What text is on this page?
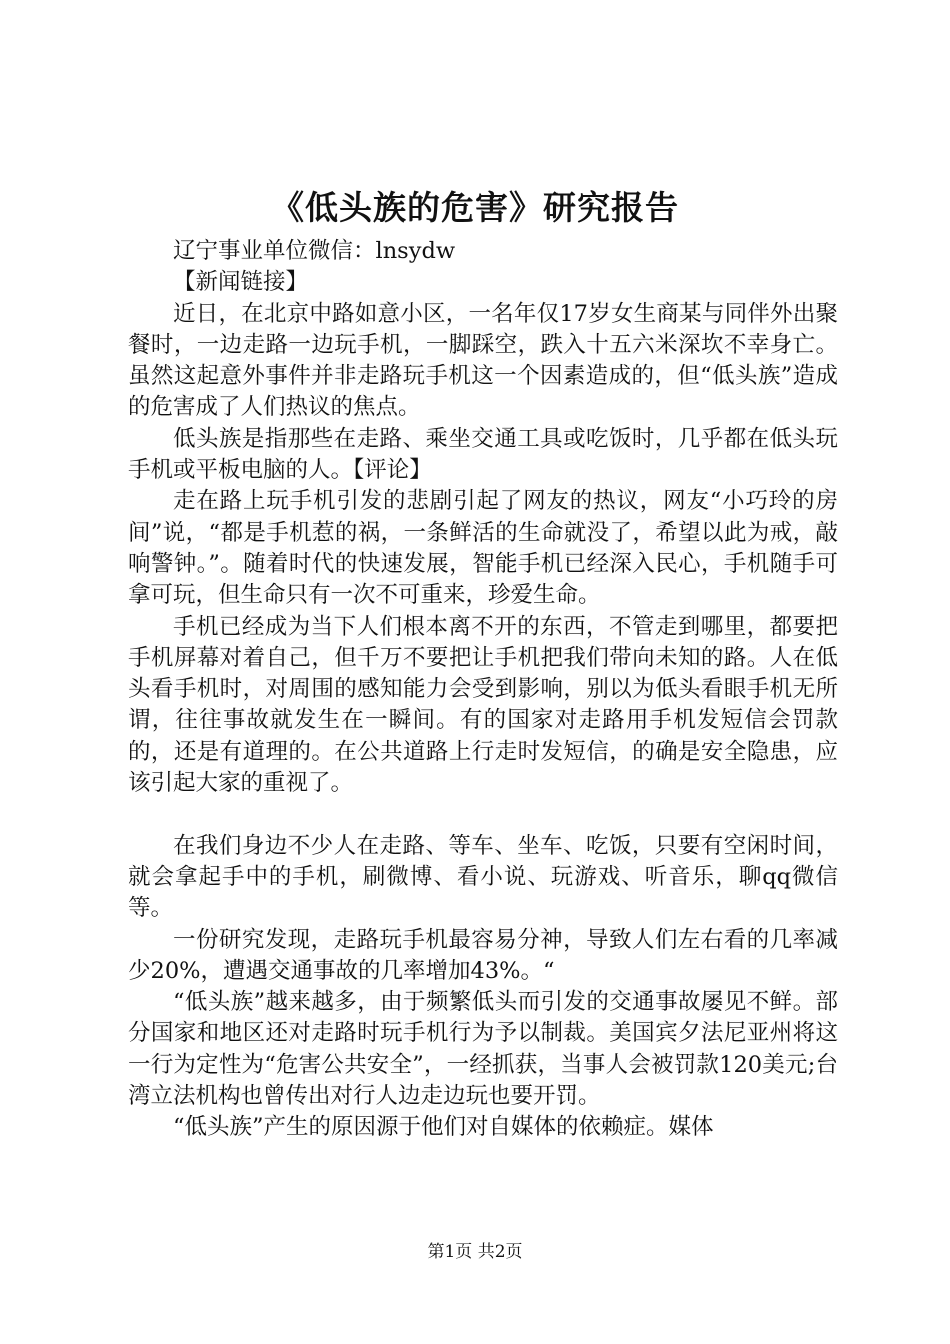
《低头族的危害》研究报告

辽宁事业单位微信：lnsydw

【新闻链接】

近日，在北京中路如意小区，一名年仅17岁女生商某与同伴外出聚餐时，一边走路一边玩手机，一脚踩空，跌入十五六米深坎不幸身亡。虽然这起意外事件并非走路玩手机这一个因素造成的，但“低头族”造成的危害成了人们热议的焦点。

低头族是指那些在走路、乘坐交通工具或吃饭时，几乎都在低头玩手机或平板电脑的人。【评论】

走在路上玩手机引发的悲剧引起了网友的热议，网友“小巧玲的房间”说，“都是手机惹的祸，一条鲜活的生命就没了，希望以此为戒，敲响警钟。”。随着时代的快速发展，智能手机已经深入民心，手机随手可拿可玩，但生命只有一次不可重来，珍爱生命。

手机已经成为当下人们根本离不开的东西，不管走到哪里，都要把手机屏幕对着自己，但千万不要把让手机把我们带向未知的路。人在低头看手机时，对周围的感知能力会受到影响，别以为低头看眼手机无所谓，往往事故就发生在一瞬间。有的国家对走路用手机发短信会罚款的，还是有道理的。在公共道路上行走时发短信，的确是安全隐患，应该引起大家的重视了。

在我们身边不少人在走路、等车、坐车、吃饭，只要有空闲时间，就会拿起手中的手机，刷微博、看小说、玩游戏、听音乐，聊qq微信等。

一份研究发现，走路玩手机最容易分神，导致人们左右看的几率减少20%，遭遇交通事故的几率增加43%。“

“低头族”越来越多，由于频繁低头而引发的交通事故屡见不鲜。部分国家和地区还对走路时玩手机行为予以制裁。美国宾夕法尼亚州将这一行为定性为“危害公共安全”，一经抓获，当事人会被罚款120美元;台湾立法机构也曾传出对行人边走边玩也要开罚。

“低头族”产生的原因源于他们对自媒体的依赖症。媒体

第1页 共2页
